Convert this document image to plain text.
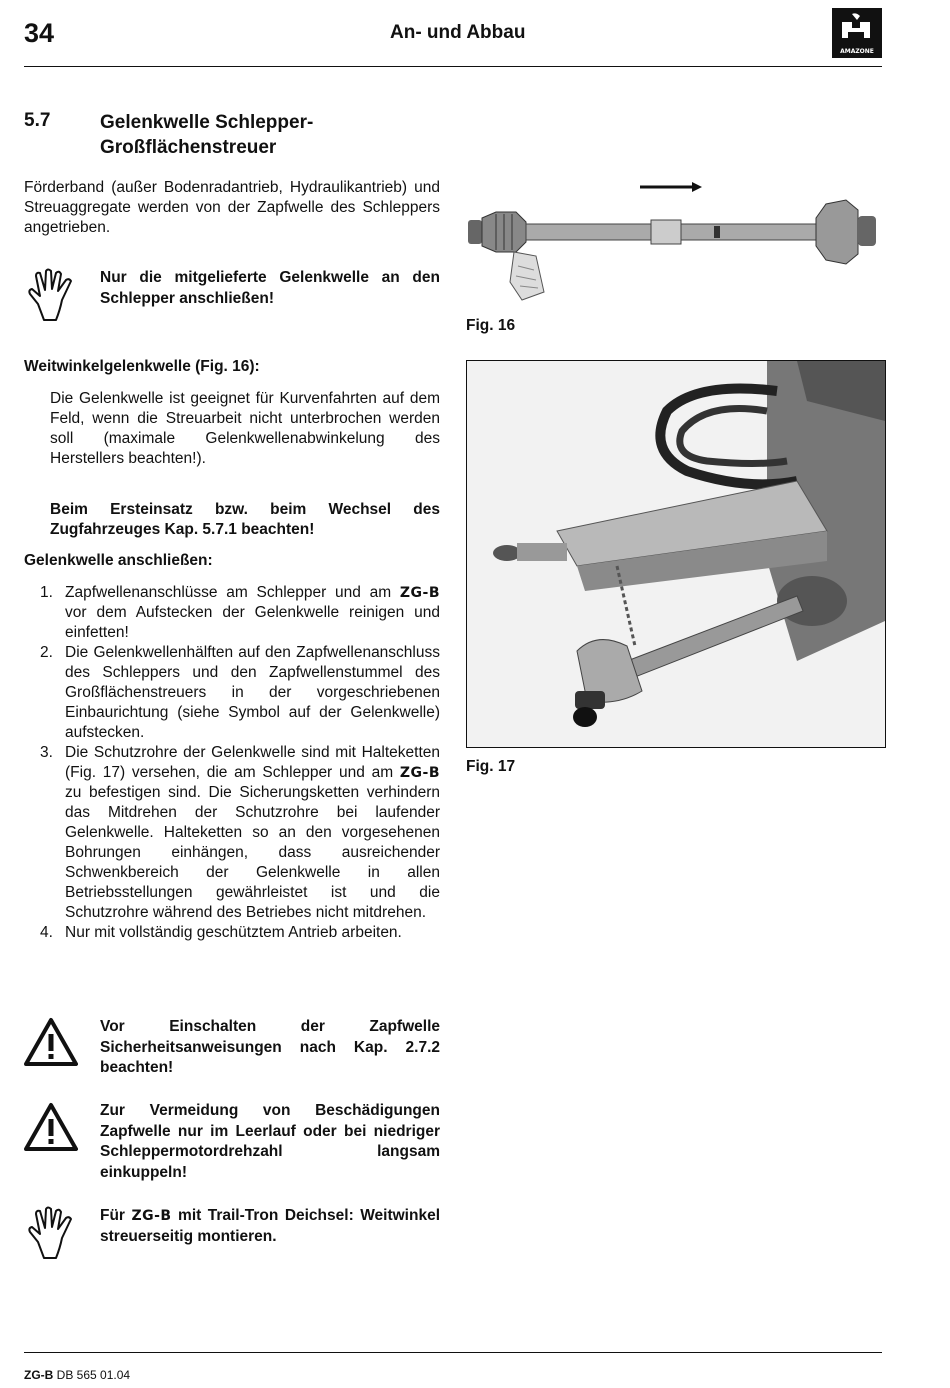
34	An- und Abbau
AMAZONE
5.7	Gelenkwelle Schlepper-
Großflächenstreuer
Förderband (außer Bodenradantrieb, Hydraulikantrieb) und Streuaggregate werden von der Zapfwelle des Schleppers angetrieben.
Nur die mitgelieferte Gelenkwelle an den Schlepper anschließen!
Fig. 16
Weitwinkelgelenkwelle (Fig. 16):
Die Gelenkwelle ist geeignet für Kurvenfahrten auf dem Feld, wenn die Streuarbeit nicht unterbrochen werden soll (maximale Gelenkwellenabwinkelung des Herstellers beachten!).
Beim Ersteinsatz bzw. beim Wechsel des Zugfahrzeuges Kap. 5.7.1 beachten!
Gelenkwelle anschließen:
1. Zapfwellenanschlüsse am Schlepper und am ZG-B vor dem Aufstecken der Gelenkwelle reinigen und einfetten!
2. Die Gelenkwellenhälften auf den Zapfwellenanschluss des Schleppers und den Zapfwellenstummel des Großflächenstreuers in der vorgeschriebenen Einbaurichtung (siehe Symbol auf der Gelenkwelle) aufstecken.
3. Die Schutzrohre der Gelenkwelle sind mit Halteketten (Fig. 17) versehen, die am Schlepper und am ZG-B zu befestigen sind. Die Sicherungsketten verhindern das Mitdrehen der Schutzrohre bei laufender Gelenkwelle. Halteketten so an den vorgesehenen Bohrungen einhängen, dass ausreichender Schwenkbereich der Gelenkwelle in allen Betriebsstellungen gewährleistet ist und die Schutzrohre während des Betriebes nicht mitdrehen.
4. Nur mit vollständig geschütztem Antrieb arbeiten.
Fig. 17
Vor Einschalten der Zapfwelle Sicherheitsanweisungen nach Kap. 2.7.2 beachten!
Zur Vermeidung von Beschädigungen Zapfwelle nur im Leerlauf oder bei niedriger Schleppermotordrehzahl langsam einkuppeln!
Für ZG-B mit Trail-Tron Deichsel: Weitwinkel streuerseitig montieren.
ZG-B DB 565 01.04
